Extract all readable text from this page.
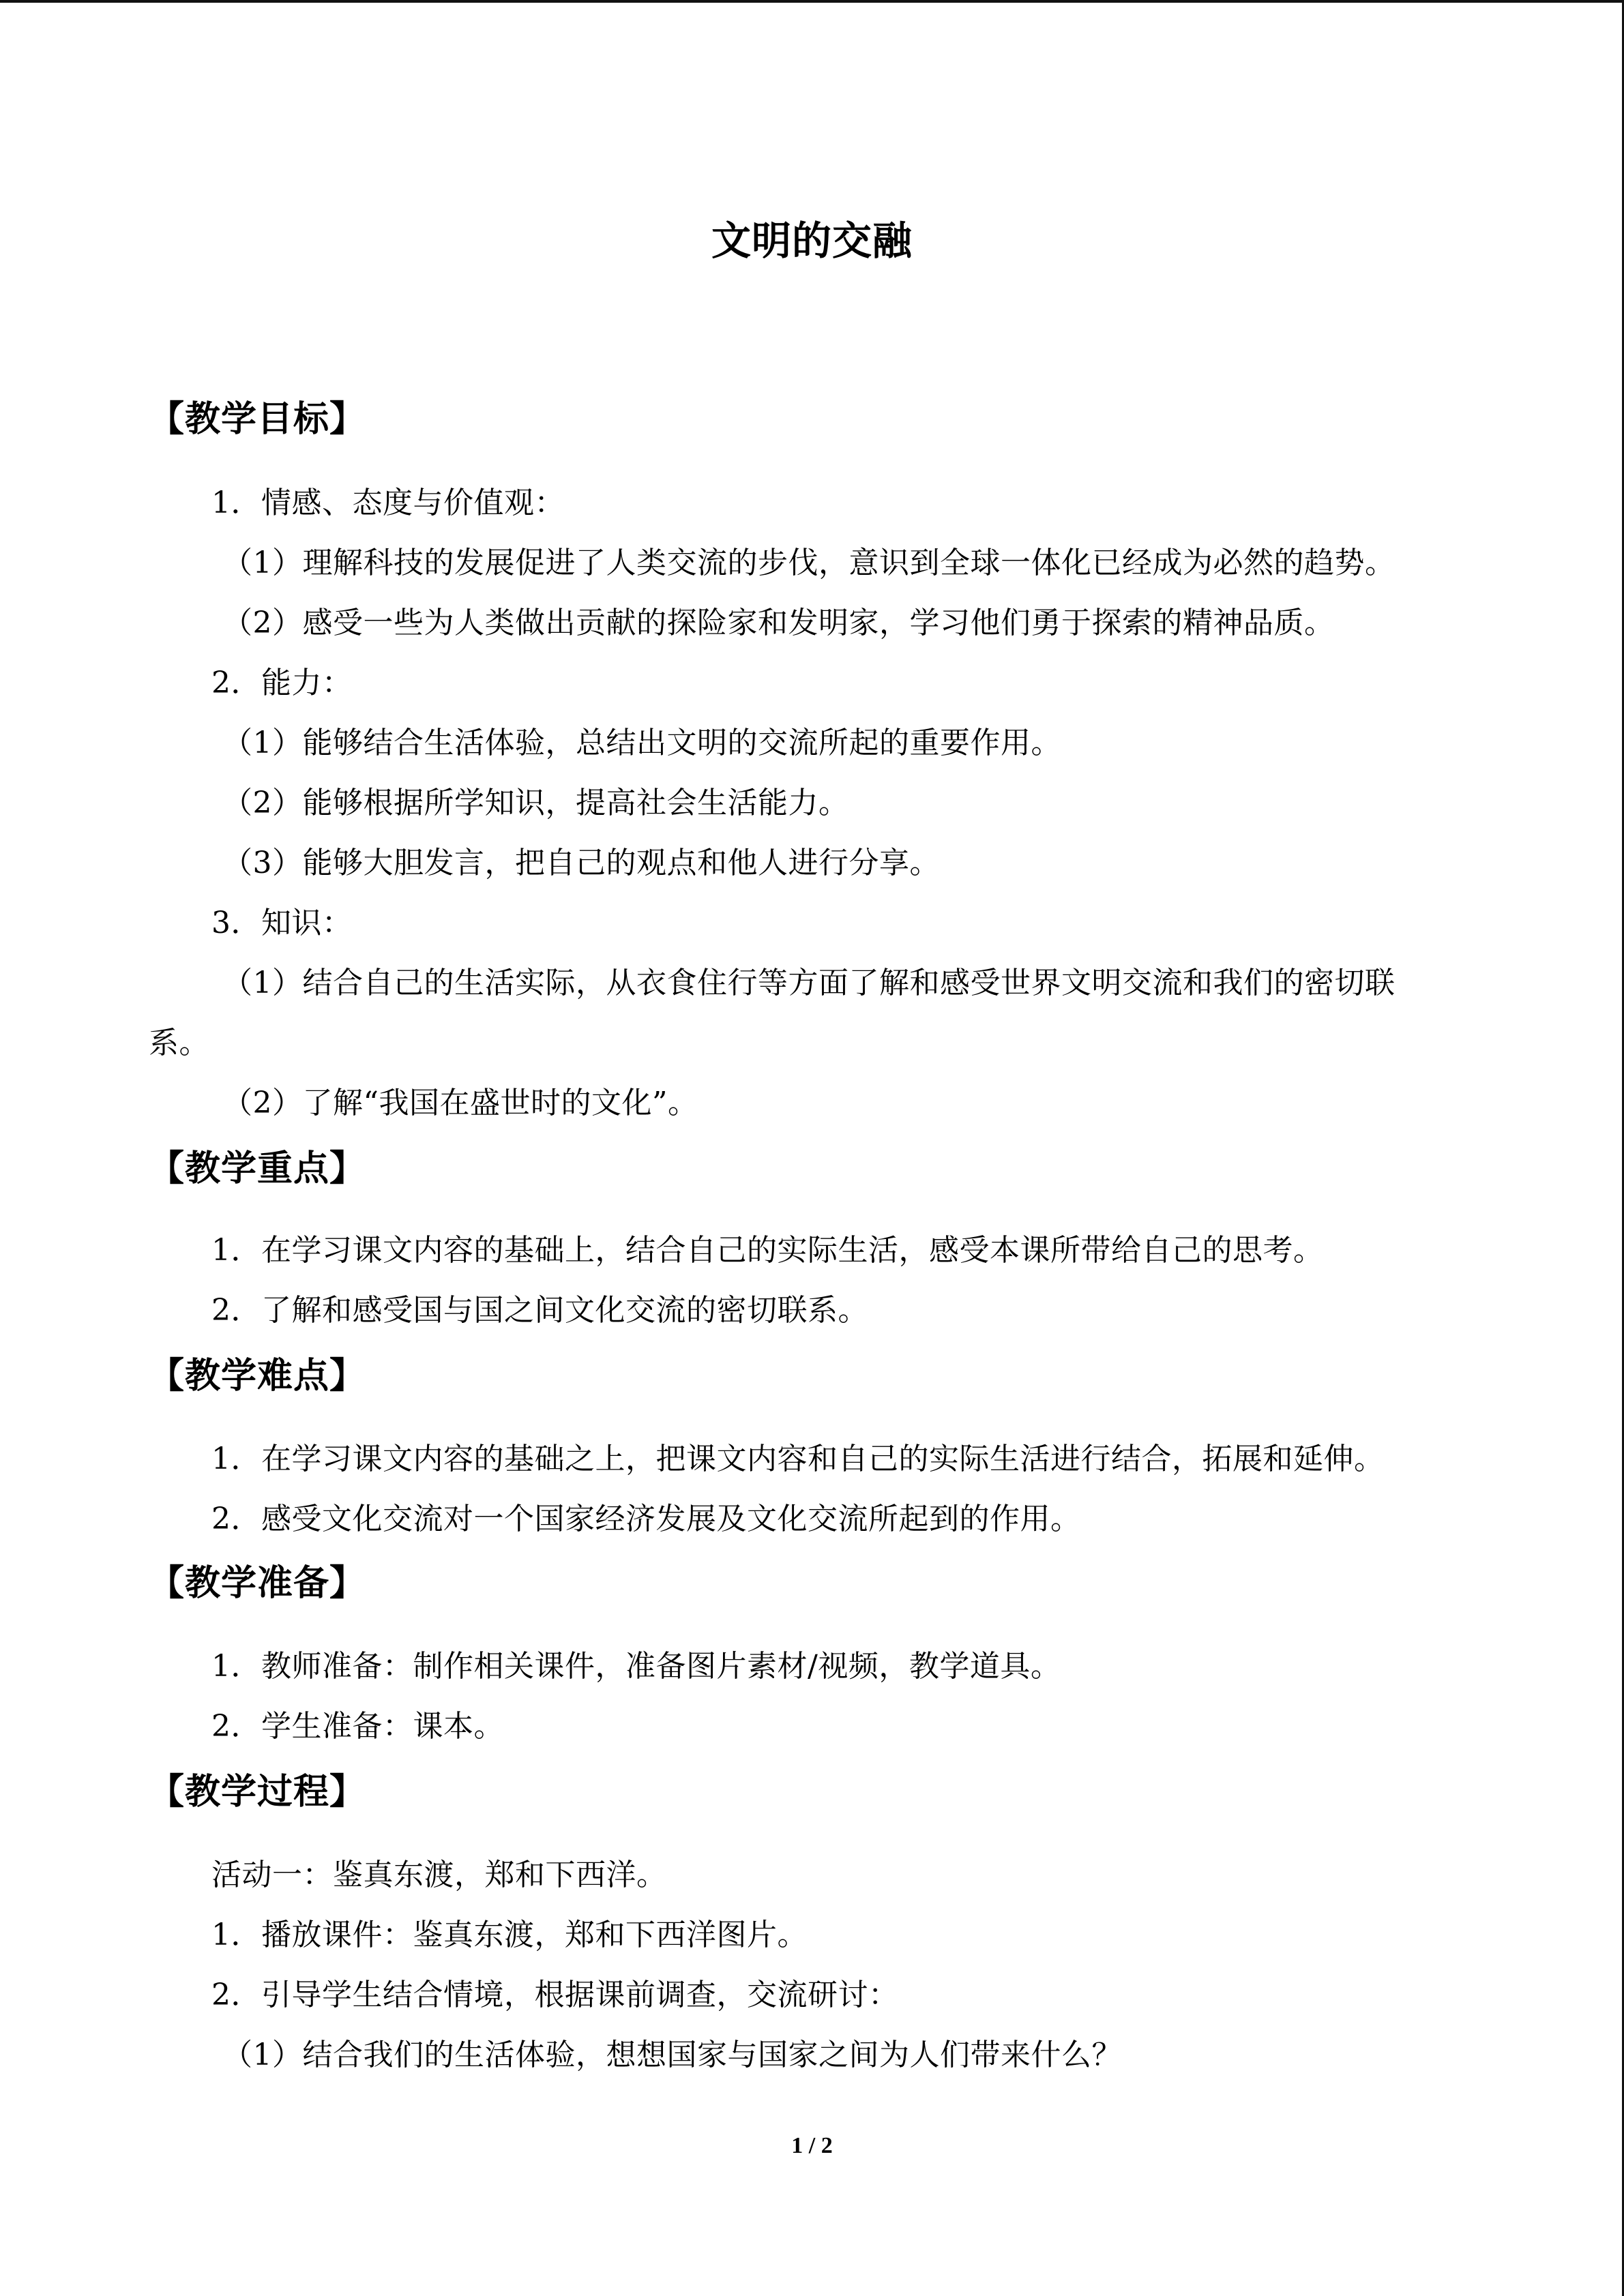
文明的交融
【教学目标】
1．情感、态度与价值观：
（1）理解科技的发展促进了人类交流的步伐，意识到全球一体化已经成为必然的趋势。
（2）感受一些为人类做出贡献的探险家和发明家，学习他们勇于探索的精神品质。
2．能力：
（1）能够结合生活体验，总结出文明的交流所起的重要作用。
（2）能够根据所学知识，提高社会生活能力。
（3）能够大胆发言，把自己的观点和他人进行分享。
3．知识：
（1）结合自己的生活实际，从衣食住行等方面了解和感受世界文明交流和我们的密切联
系。
（2）了解“我国在盛世时的文化”。
【教学重点】
1．在学习课文内容的基础上，结合自己的实际生活，感受本课所带给自己的思考。
2．了解和感受国与国之间文化交流的密切联系。
【教学难点】
1．在学习课文内容的基础之上，把课文内容和自己的实际生活进行结合，拓展和延伸。
2．感受文化交流对一个国家经济发展及文化交流所起到的作用。
【教学准备】
1．教师准备：制作相关课件，准备图片素材/视频，教学道具。
2．学生准备：课本。
【教学过程】
活动一：鉴真东渡，郑和下西洋。
1．播放课件：鉴真东渡，郑和下西洋图片。
2．引导学生结合情境，根据课前调查，交流研讨：
（1）结合我们的生活体验，想想国家与国家之间为人们带来什么？
1 / 2
